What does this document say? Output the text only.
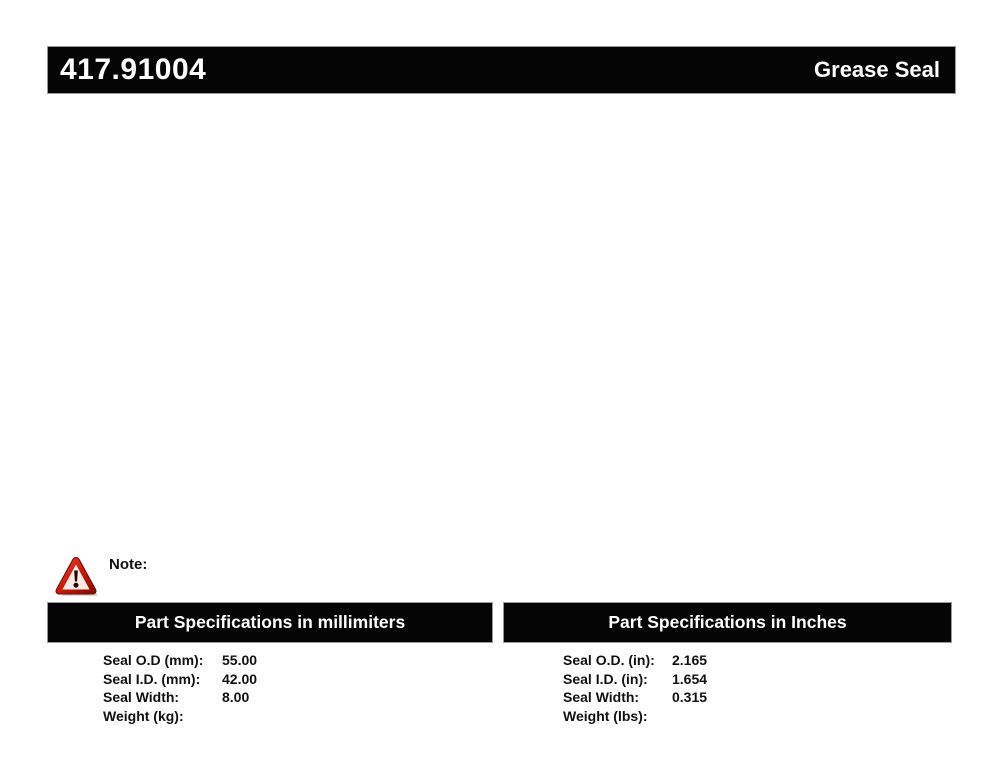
417.91004	Grease Seal
Note:
Part Specifications in millimiters
Seal O.D (mm):	55.00
Seal I.D. (mm):	42.00
Seal Width:	8.00
Weight (kg):
Part Specifications in Inches
Seal O.D. (in):	2.165
Seal I.D. (in):	1.654
Seal Width:	0.315
Weight (lbs):
